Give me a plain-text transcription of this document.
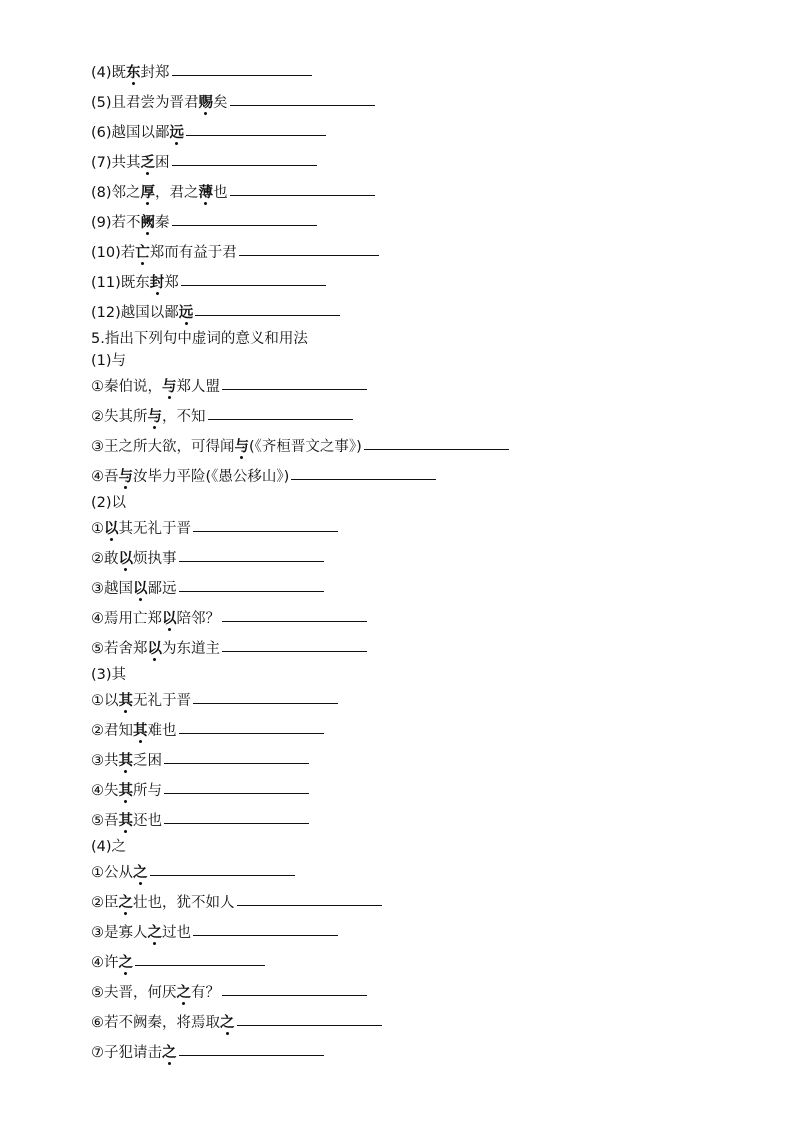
(4)既东封郑
(5)且君尝为晋君赐矣
(6)越国以鄙远
(7)共其乏困
(8)邻之厚，君之薄也
(9)若不阙秦
(10)若亡郑而有益于君
(11)既东封郑
(12)越国以鄙远
5.指出下列句中虚词的意义和用法
(1)与
①秦伯说，与郑人盟
②失其所与，不知
③王之所大欲，可得闻与(《齐桓晋文之事》)
④吾与汝毕力平险(《愚公移山》)
(2)以
①以其无礼于晋
②敢以烦执事
③越国以鄙远
④焉用亡郑以陪邻？
⑤若舍郑以为东道主
(3)其
①以其无礼于晋
②君知其难也
③共其乏困
④失其所与
⑤吾其还也
(4)之
①公从之
②臣之壮也，犹不如人
③是寡人之过也
④许之
⑤夫晋，何厌之有？
⑥若不阙秦，将焉取之
⑦子犯请击之
